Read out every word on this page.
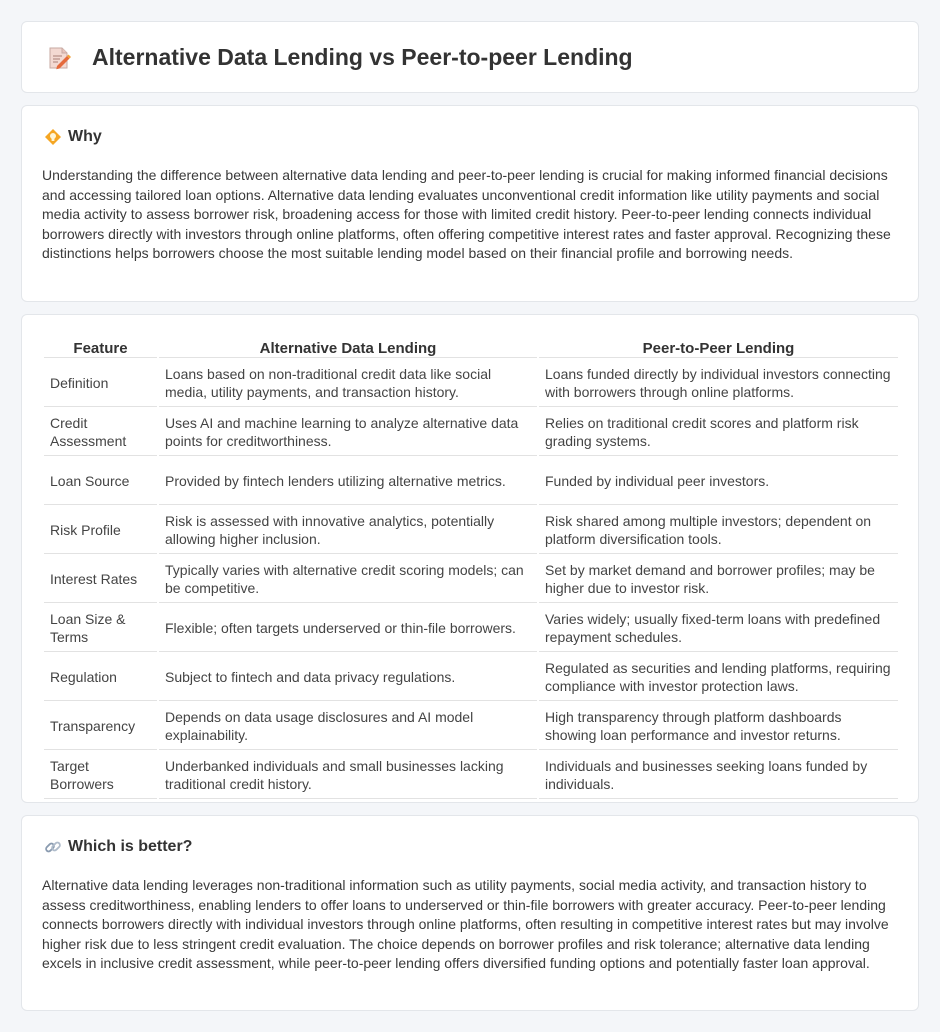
Alternative Data Lending vs Peer-to-peer Lending
Why

Understanding the difference between alternative data lending and peer-to-peer lending is crucial for making informed financial decisions and accessing tailored loan options. Alternative data lending evaluates unconventional credit information like utility payments and social media activity to assess borrower risk, broadening access for those with limited credit history. Peer-to-peer lending connects individual borrowers directly with investors through online platforms, often offering competitive interest rates and faster approval. Recognizing these distinctions helps borrowers choose the most suitable lending model based on their financial profile and borrowing needs.

Feature	Alternative Data Lending	Peer-to-Peer Lending
Definition	Loans based on non-traditional credit data like social media, utility payments, and transaction history.	Loans funded directly by individual investors connecting with borrowers through online platforms.
Credit Assessment	Uses AI and machine learning to analyze alternative data points for creditworthiness.	Relies on traditional credit scores and platform risk grading systems.
Loan Source	Provided by fintech lenders utilizing alternative metrics.	Funded by individual peer investors.
Risk Profile	Risk is assessed with innovative analytics, potentially allowing higher inclusion.	Risk shared among multiple investors; dependent on platform diversification tools.
Interest Rates	Typically varies with alternative credit scoring models; can be competitive.	Set by market demand and borrower profiles; may be higher due to investor risk.
Loan Size & Terms	Flexible; often targets underserved or thin-file borrowers.	Varies widely; usually fixed-term loans with predefined repayment schedules.
Regulation	Subject to fintech and data privacy regulations.	Regulated as securities and lending platforms, requiring compliance with investor protection laws.
Transparency	Depends on data usage disclosures and AI model explainability.	High transparency through platform dashboards showing loan performance and investor returns.
Target Borrowers	Underbanked individuals and small businesses lacking traditional credit history.	Individuals and businesses seeking loans funded by individuals.
Which is better?

Alternative data lending leverages non-traditional information such as utility payments, social media activity, and transaction history to assess creditworthiness, enabling lenders to offer loans to underserved or thin-file borrowers with greater accuracy. Peer-to-peer lending connects borrowers directly with individual investors through online platforms, often resulting in competitive interest rates but may involve higher risk due to less stringent credit evaluation. The choice depends on borrower profiles and risk tolerance; alternative data lending excels in inclusive credit assessment, while peer-to-peer lending offers diversified funding options and potentially faster loan approval.
